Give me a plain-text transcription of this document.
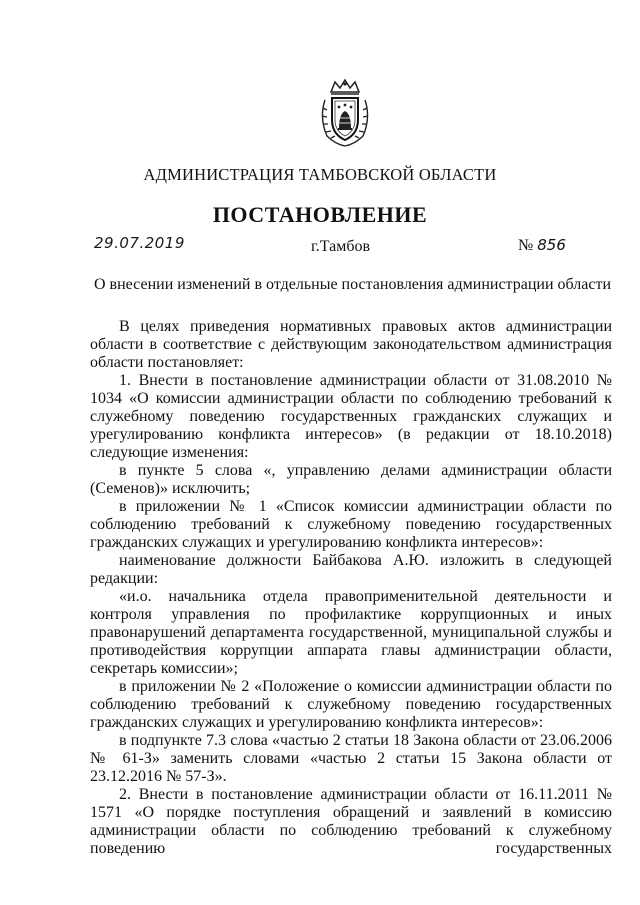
АДМИНИСТРАЦИЯ ТАМБОВСКОЙ ОБЛАСТИ
ПОСТАНОВЛЕНИЕ
29.07.2019	г.Тамбов	№ 856
О внесении изменений в отдельные постановления администрации области

В целях приведения нормативных правовых актов администрации области в соответствие с действующим законодательством администрация области постановляет:

1. Внести в постановление администрации области от 31.08.2010 № 1034 «О комиссии администрации области по соблюдению требований к служебному поведению государственных гражданских служащих и урегулированию конфликта интересов» (в редакции от 18.10.2018) следующие изменения:

в пункте 5 слова «, управлению делами администрации области (Семенов)» исключить;

в приложении № 1 «Список комиссии администрации области по соблюдению требований к служебному поведению государственных гражданских служащих и урегулированию конфликта интересов»:

наименование должности Байбакова А.Ю. изложить в следующей редакции:

«и.о. начальника отдела правоприменительной деятельности и контроля управления по профилактике коррупционных и иных правонарушений департамента государственной, муниципальной службы и противодействия коррупции аппарата главы администрации области, секретарь комиссии»;

в приложении № 2 «Положение о комиссии администрации области по соблюдению требований к служебному поведению государственных гражданских служащих и урегулированию конфликта интересов»:

в подпункте 7.3 слова «частью 2 статьи 18 Закона области от 23.06.2006 № 61-З» заменить словами «частью 2 статьи 15 Закона области от 23.12.2016 № 57-З».

2. Внести в постановление администрации области от 16.11.2011 № 1571 «О порядке поступления обращений и заявлений в комиссию администрации области по соблюдению требований к служебному поведению государственных
